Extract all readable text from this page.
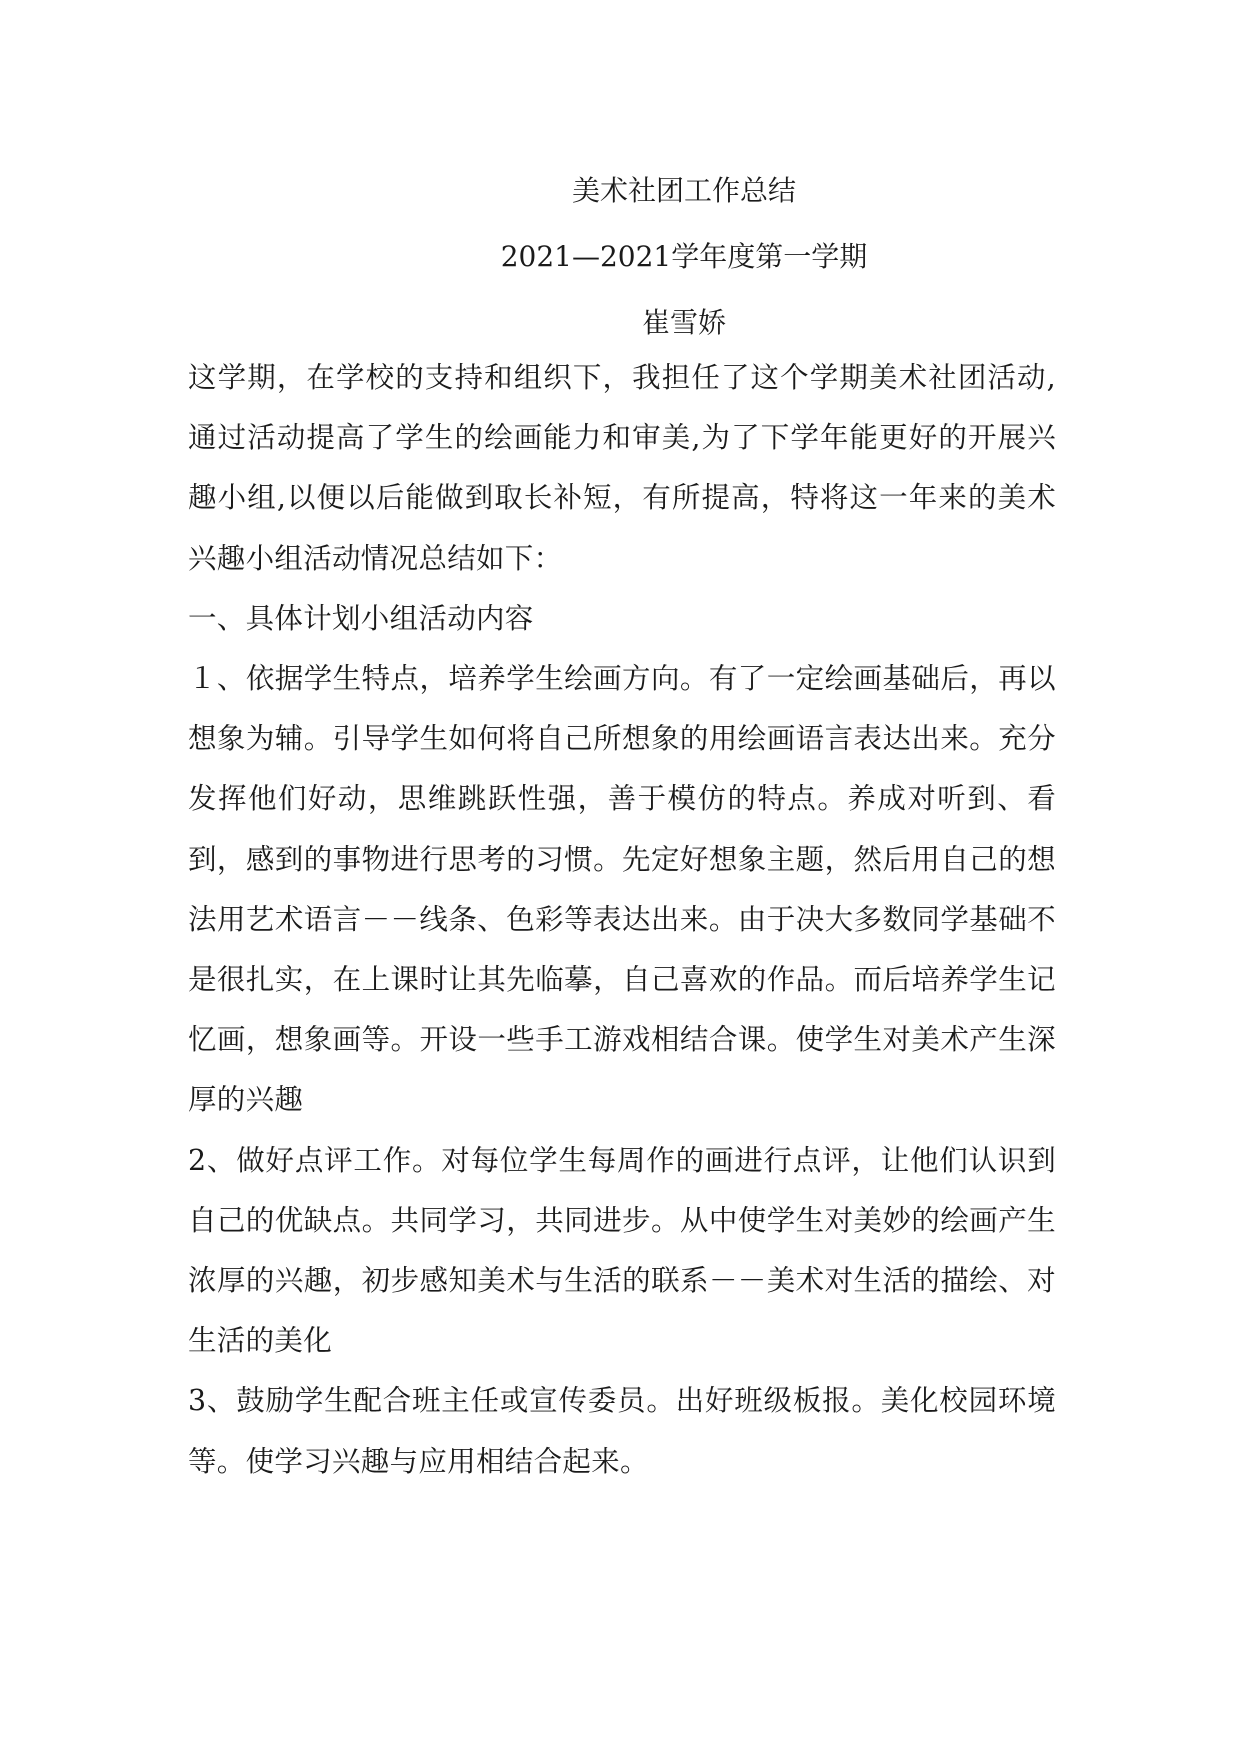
美术社团工作总结
2021—2021学年度第一学期
崔雪娇

这学期，在学校的支持和组织下，我担任了这个学期美术社团活动,通过活动提高了学生的绘画能力和审美,为了下学年能更好的开展兴趣小组,以便以后能做到取长补短，有所提高，特将这一年来的美术兴趣小组活动情况总结如下：

一、具体计划小组活动内容

１、依据学生特点，培养学生绘画方向。有了一定绘画基础后，再以想象为辅。引导学生如何将自己所想象的用绘画语言表达出来。充分发挥他们好动，思维跳跃性强，善于模仿的特点。养成对听到、看到，感到的事物进行思考的习惯。先定好想象主题，然后用自己的想法用艺术语言－－线条、色彩等表达出来。由于决大多数同学基础不是很扎实，在上课时让其先临摹，自己喜欢的作品。而后培养学生记忆画，想象画等。开设一些手工游戏相结合课。使学生对美术产生深厚的兴趣

2、做好点评工作。对每位学生每周作的画进行点评，让他们认识到自己的优缺点。共同学习，共同进步。从中使学生对美妙的绘画产生浓厚的兴趣，初步感知美术与生活的联系－－美术对生活的描绘、对生活的美化

3、鼓励学生配合班主任或宣传委员。出好班级板报。美化校园环境等。使学习兴趣与应用相结合起来。
